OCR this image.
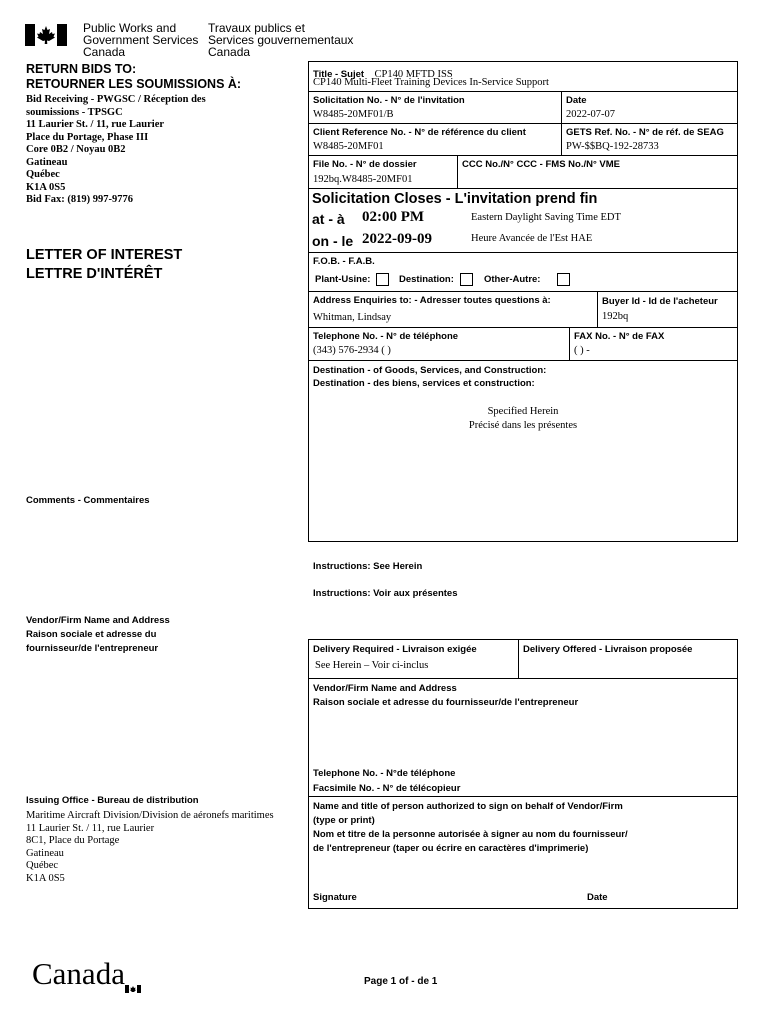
Public Works and
Government Services
Canada
Travaux publics et
Services gouvernementaux
Canada
RETURN BIDS TO:
RETOURNER LES SOUMISSIONS À:
Bid Receiving - PWGSC / Réception des
soumissions - TPSGC
11 Laurier St. / 11, rue Laurier
Place du Portage, Phase III
Core 0B2 / Noyau 0B2
Gatineau
Québec
K1A 0S5
Bid Fax: (819) 997-9776
LETTER OF INTEREST
LETTRE D'INTÉRÊT
Comments - Commentaires
Vendor/Firm Name and Address
Raison sociale et adresse du
fournisseur/de l'entrepreneur
Issuing Office - Bureau de distribution
Maritime Aircraft Division/Division de aéronefs maritimes
11 Laurier St. / 11, rue Laurier
8C1, Place du Portage
Gatineau
Québec
K1A 0S5
Title - Sujet CP140 MFTD ISS
CP140 Multi-Fleet Training Devices In-Service Support
Solicitation No. - N° de l'invitation
W8485-20MF01/B
Date
2022-07-07
Client Reference No. - N° de référence du client
W8485-20MF01
GETS Ref. No. - N° de réf. de SEAG
PW-$$BQ-192-28733
File No. - N° de dossier
192bq.W8485-20MF01
CCC No./N° CCC - FMS No./N° VME
Solicitation Closes - L'invitation prend fin
at - à 02:00 PM	Eastern Daylight Saving Time EDT
on - le 2022-09-09	Heure Avancée de l'Est HAE
F.O.B. - F.A.B.
Plant-Usine:	Destination:	Other-Autre:
Address Enquiries to: - Adresser toutes questions à:
Whitman, Lindsay
Buyer Id - Id de l'acheteur
192bq
Telephone No. - N° de téléphone
(343) 576-2934 ( )
FAX No. - N° de FAX
( ) -
Destination - of Goods, Services, and Construction:
Destination - des biens, services et construction:
Specified Herein
Précisé dans les présentes
Instructions: See Herein
Instructions: Voir aux présentes
Delivery Required - Livraison exigée
See Herein – Voir ci-inclus
Delivery Offered - Livraison proposée
Vendor/Firm Name and Address
Raison sociale et adresse du fournisseur/de l'entrepreneur
Telephone No. - N°de téléphone
Facsimile No. - N° de télécopieur
Name and title of person authorized to sign on behalf of Vendor/Firm
(type or print)
Nom et titre de la personne autorisée à signer au nom du fournisseur/
de l'entrepreneur (taper ou écrire en caractères d'imprimerie)
Signature	Date
Canada	Page 1 of - de 1
